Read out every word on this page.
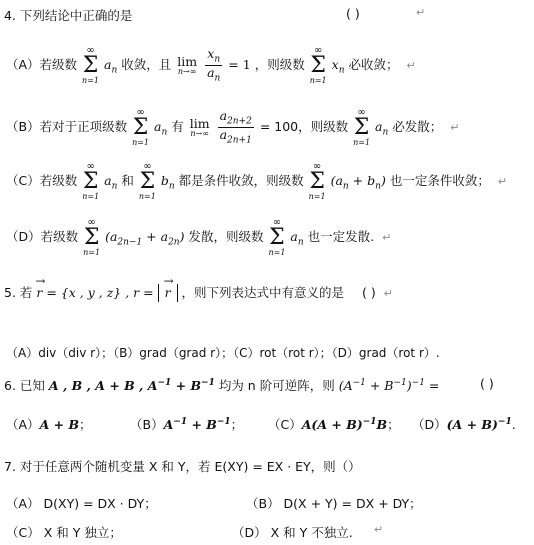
4. 下列结论中正确的是	( )	↵
（A）若级数
∞
Σ
n=1
$a_n$ 收敛，且 lim
n→∞
$\frac{x_n}{a_n} = 1$ ，则级数
∞
Σ
n=1
$x_n$ 必收敛； ↵
（B）若对于正项级数
∞
Σ
n=1
$a_n$ 有 lim
n→∞
$\frac{a_{2n+2}}{a_{2n+1}} = 100$，则级数
∞
Σ
n=1
$a_n$ 必发散； ↵
（C）若级数
∞
Σ
n=1
$a_n$ 和
∞
Σ
n=1
$b_n$ 都是条件收敛，则级数
∞
Σ
n=1
$(a_n + b_n)$ 也一定条件收敛； ↵
（D）若级数
∞
Σ
n=1
$(a_{2n-1} + a_{2n})$ 发散，则级数
∞
Σ
n=1
$a_n$ 也一定发散. ↵
5. 若 → r = {x , y , z} , r = → r ，则下列表达式中有意义的是 ( ) ↵
（A）div（div r）；（B）grad（grad r）；（C）rot（rot r）；（D）grad（rot r）.
6. 已知 A , B , A + B , $A^{-1} + B^{-1}$ 均为 n 阶可逆阵，则 $(A^{-1} + B^{-1})^{-1}$ =	( )
（A）A + B；	$(B)A^{-1} + B^{-1}$； $(C)A(A + B)^{-1}B$； $(D)(A + B)^{-1}$.
7. 对于任意两个随机变量 X 和 Y，若 E(XY) = EX · EY，则（）
（A） D(XY) = DX · DY；	（B） D(X + Y) = DX + DY；
（C） X 和 Y 独立；	（D） X 和 Y 不独立. ↵
